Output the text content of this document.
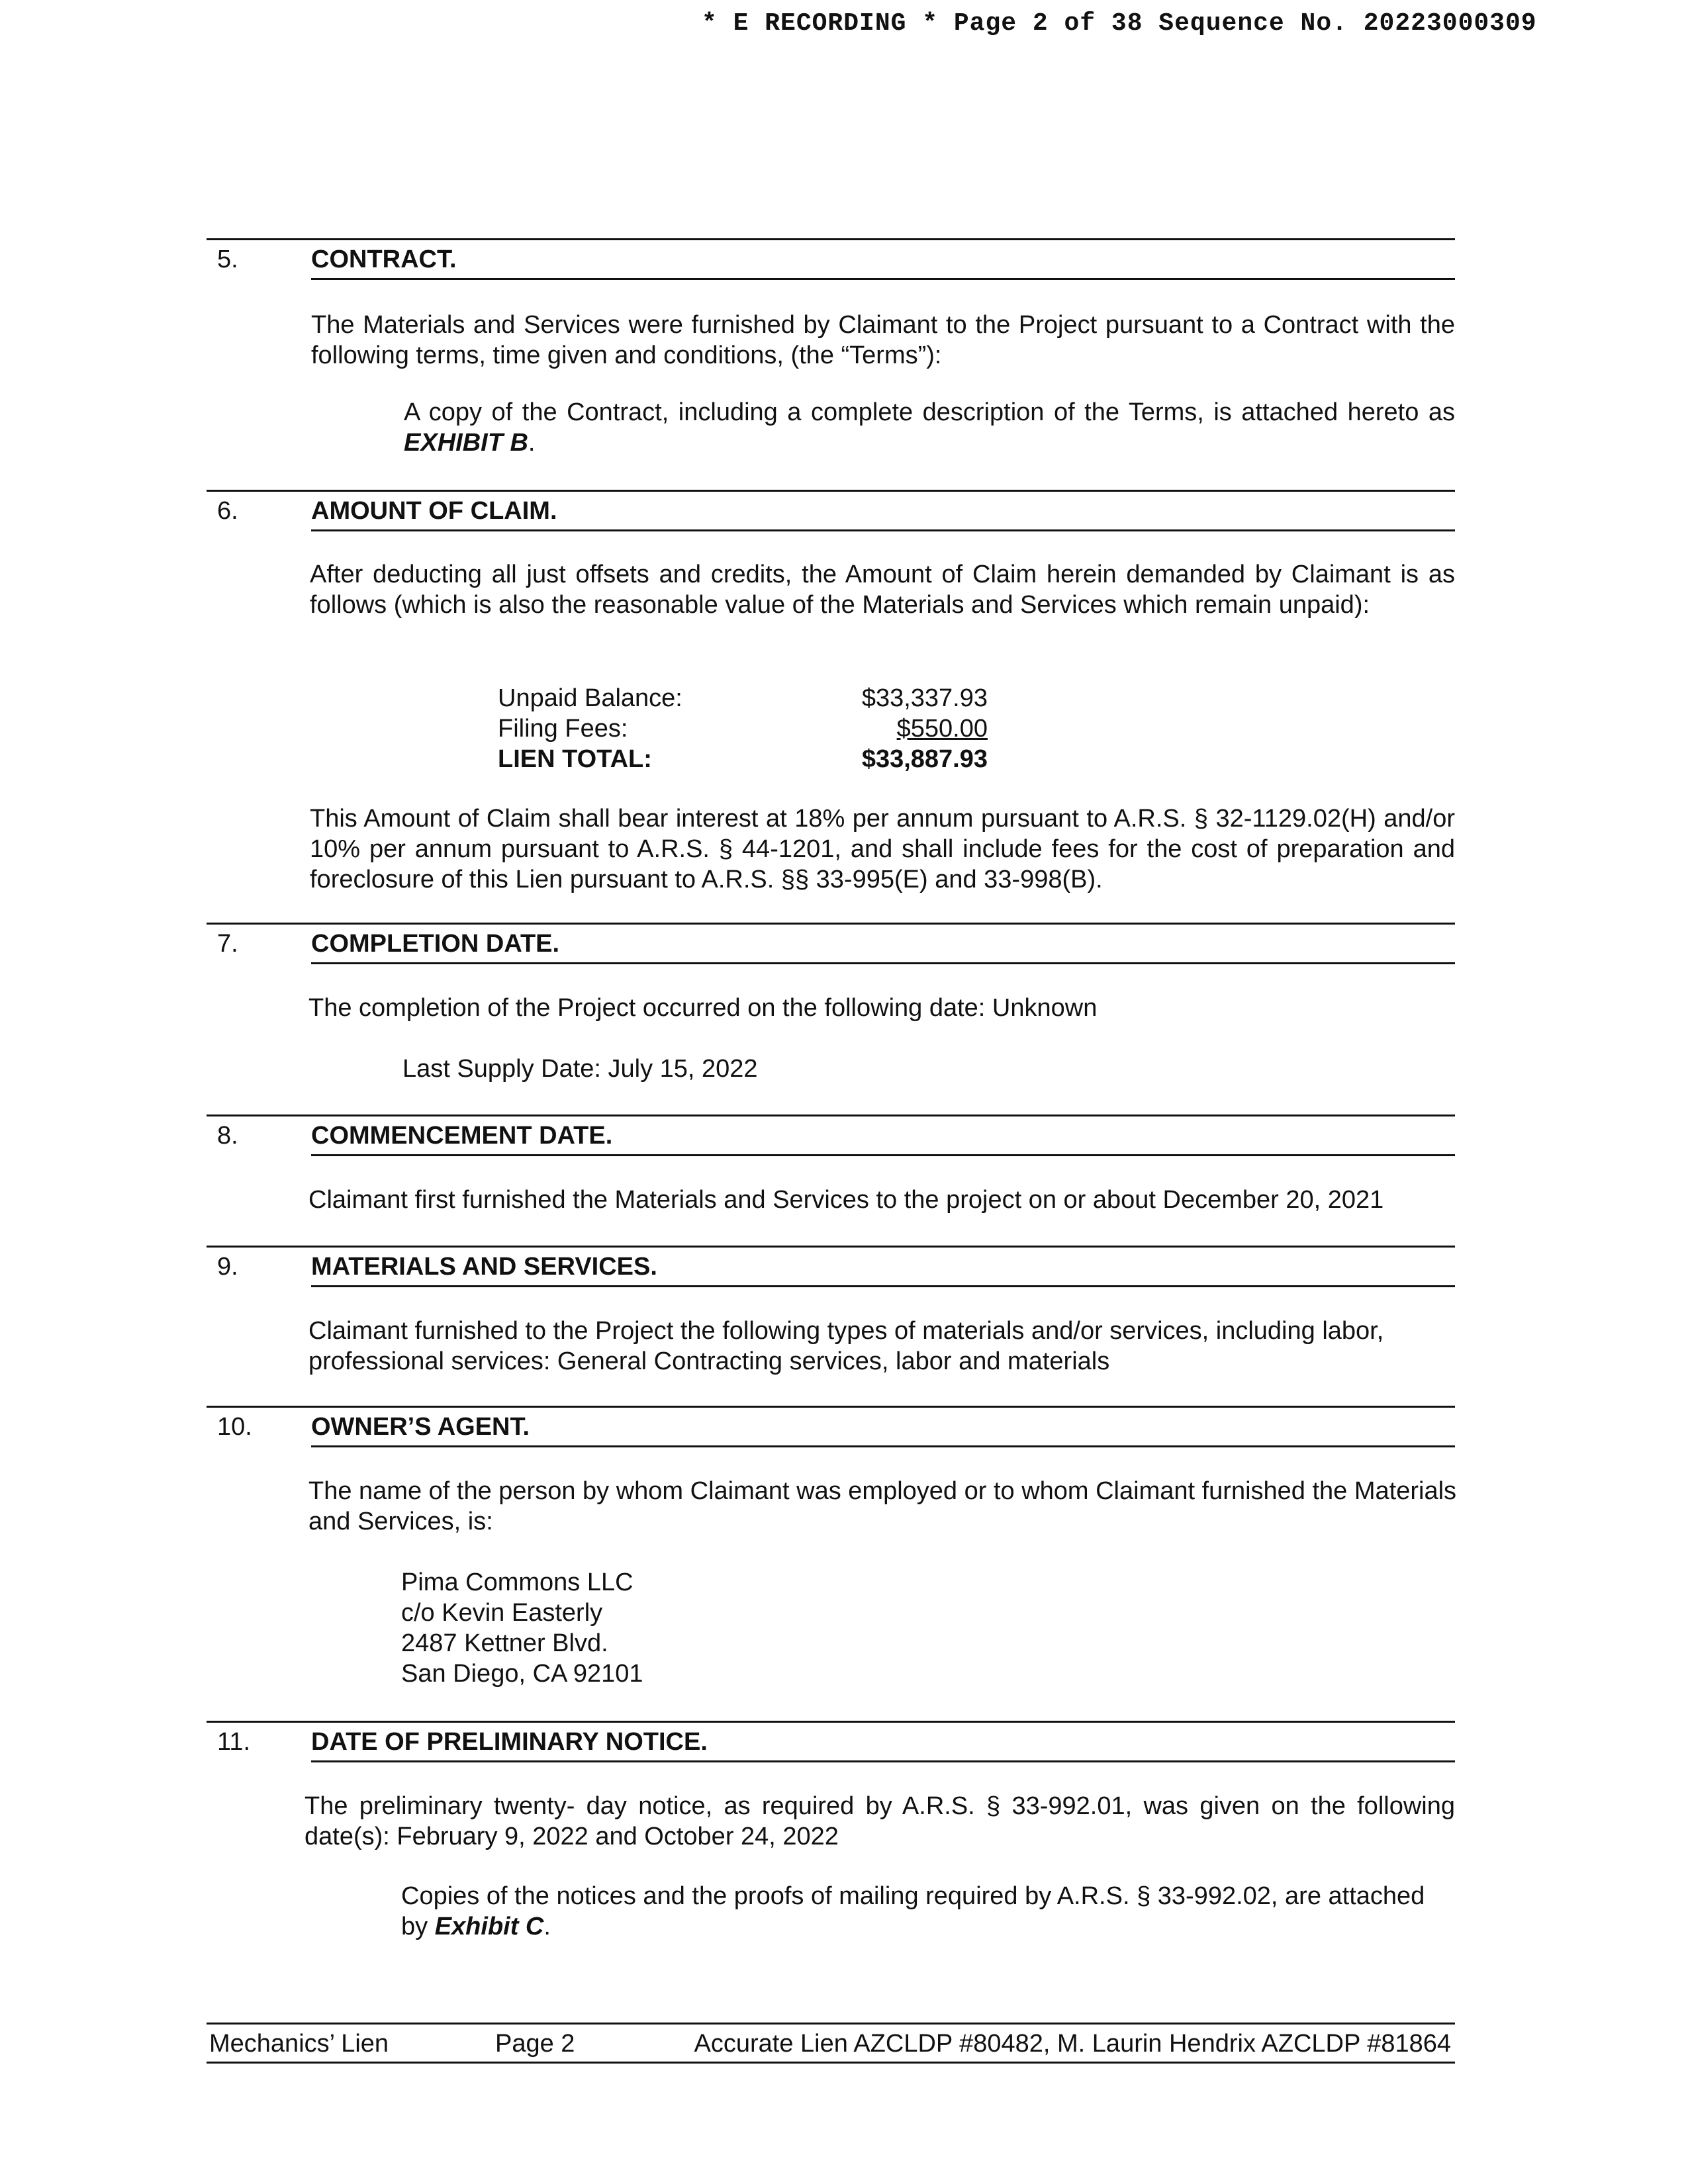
* E RECORDING * Page 2 of 38 Sequence No. 20223000309
5.	CONTRACT.

The Materials and Services were furnished by Claimant to the Project pursuant to a Contract with the following terms, time given and conditions, (the “Terms”):

A copy of the Contract, including a complete description of the Terms, is attached hereto as EXHIBIT B.

6.	AMOUNT OF CLAIM.

After deducting all just offsets and credits, the Amount of Claim herein demanded by Claimant is as follows (which is also the reasonable value of the Materials and Services which remain unpaid):

Unpaid Balance:	$33,337.93
Filing Fees:	$550.00
LIEN TOTAL:	$33,887.93

This Amount of Claim shall bear interest at 18% per annum pursuant to A.R.S. § 32-1129.02(H) and/or 10% per annum pursuant to A.R.S. § 44-1201, and shall include fees for the cost of preparation and foreclosure of this Lien pursuant to A.R.S. §§ 33-995(E) and 33-998(B).

7.	COMPLETION DATE.

The completion of the Project occurred on the following date: Unknown

Last Supply Date: July 15, 2022

8.	COMMENCEMENT DATE.

Claimant first furnished the Materials and Services to the project on or about December 20, 2021

9.	MATERIALS AND SERVICES.

Claimant furnished to the Project the following types of materials and/or services, including labor, professional services: General Contracting services, labor and materials

10. OWNER’S AGENT.

The name of the person by whom Claimant was employed or to whom Claimant furnished the Materials and Services, is:

Pima Commons LLC
c/o Kevin Easterly
2487 Kettner Blvd.
San Diego, CA 92101
11. DATE OF PRELIMINARY NOTICE.

The preliminary twenty- day notice, as required by A.R.S. § 33-992.01, was given on the following date(s): February 9, 2022 and October 24, 2022

Copies of the notices and the proofs of mailing required by A.R.S. § 33-992.02, are attached by Exhibit C.

Mechanics’ Lien	Page 2	Accurate Lien AZCLDP #80482, M. Laurin Hendrix AZCLDP #81864
